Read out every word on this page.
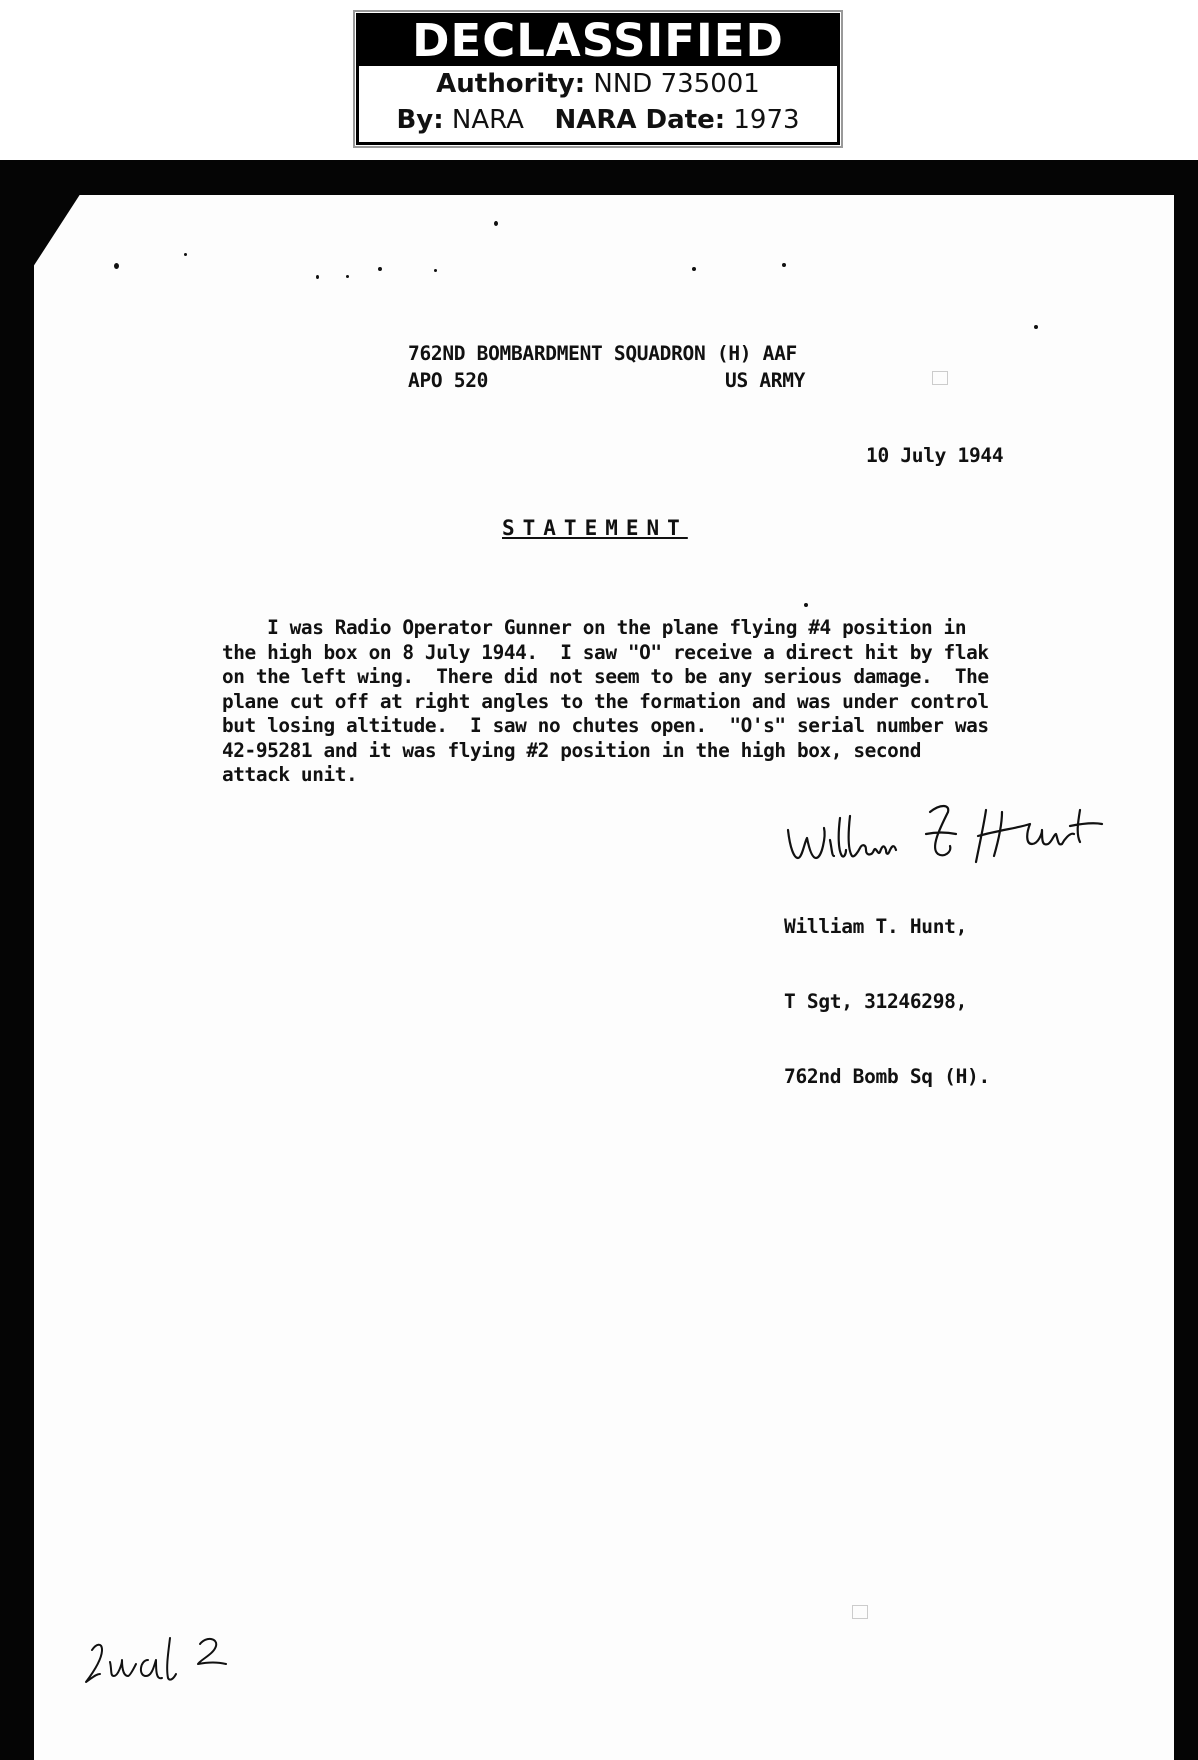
DECLASSIFIED
Authority: NND 735001
By: NARA NARA Date: 1973
762ND BOMBARDMENT SQUADRON (H) AAF
APO 520	US ARMY
10 July 1944
STATEMENT
I was Radio Operator Gunner on the plane flying #4 position in
the high box on 8 July 1944.  I saw "O" receive a direct hit by flak
on the left wing.  There did not seem to be any serious damage.  The
plane cut off at right angles to the formation and was under control
but losing altitude.  I saw no chutes open.  "O's" serial number was
42-95281 and it was flying #2 position in the high box, second
attack unit.

William T. Hunt,

T Sgt, 31246298,

762nd Bomb Sq (H).
